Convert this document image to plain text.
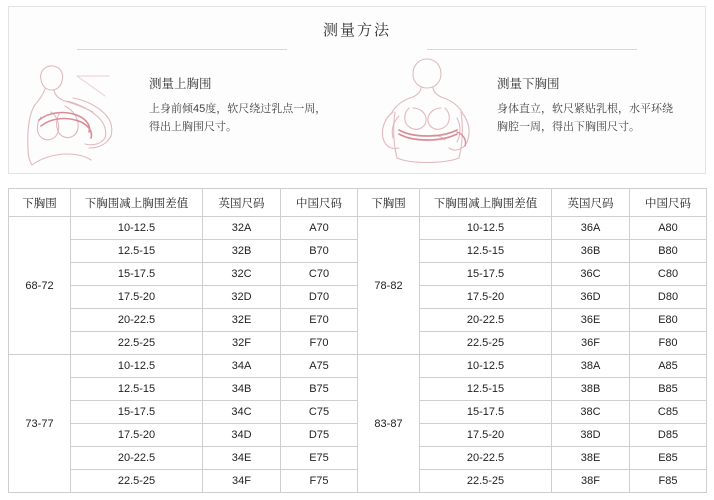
测量方法
测量上胸围
上身前倾45度，软尺绕过乳点一周，得出上胸围尺寸。
测量下胸围
身体直立，软尺紧贴乳根，水平环绕胸腔一周，得出下胸围尺寸。
下胸围	下胸围减上胸围差值	英国尺码	中国尺码	下胸围	下胸围减上胸围差值	英国尺码	中国尺码
68-72	10-12.5	32A	A70	78-82	10-12.5	36A	A80
	12.5-15	32B	B70		12.5-15	36B	B80
	15-17.5	32C	C70		15-17.5	36C	C80
	17.5-20	32D	D70		17.5-20	36D	D80
	20-22.5	32E	E70		20-22.5	36E	E80
	22.5-25	32F	F70		22.5-25	36F	F80
73-77	10-12.5	34A	A75	83-87	10-12.5	38A	A85
	12.5-15	34B	B75		12.5-15	38B	B85
	15-17.5	34C	C75		15-17.5	38C	C85
	17.5-20	34D	D75		17.5-20	38D	D85
	20-22.5	34E	E75		20-22.5	38E	E85
	22.5-25	34F	F75		22.5-25	38F	F85
